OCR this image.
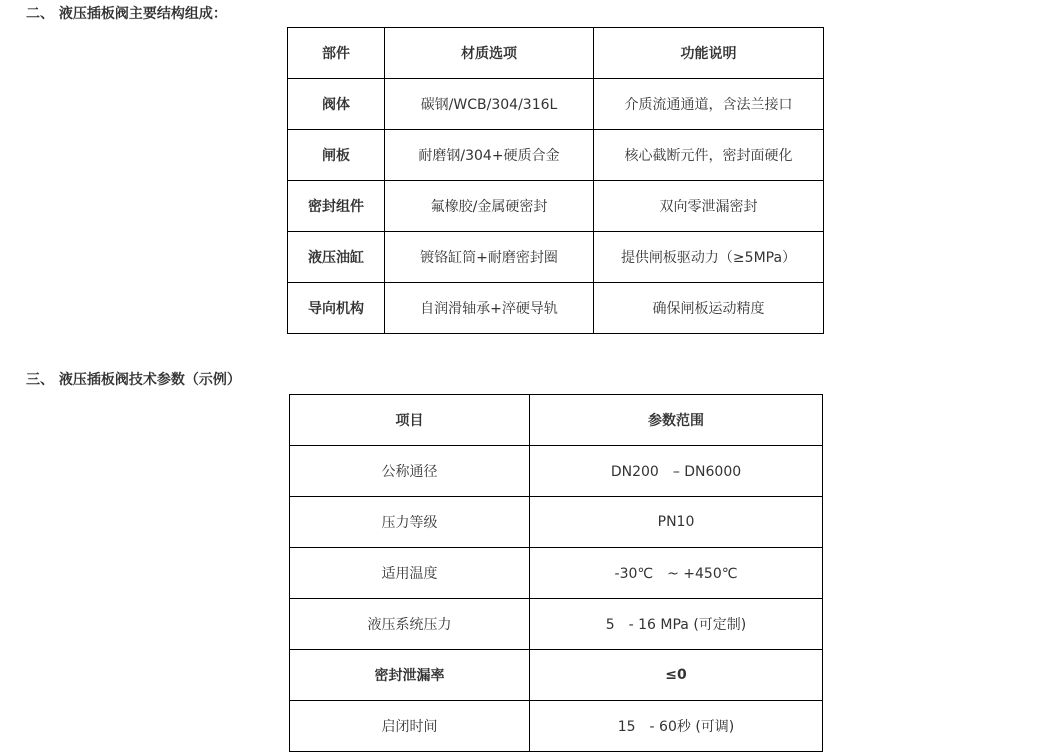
二、 液压插板阀主要结构组成：
部件	材质选项	功能说明
阀体	碳钢/WCB/304/316L	介质流通通道，含法兰接口
闸板	耐磨钢/304+硬质合金	核心截断元件，密封面硬化
密封组件	氟橡胶/金属硬密封	双向零泄漏密封
液压油缸	镀铬缸筒+耐磨密封圈	提供闸板驱动力（≥5MPa）
导向机构	自润滑轴承+淬硬导轨	确保闸板运动精度
三、 液压插板阀技术参数（示例）
项目	参数范围
公称通径	DN200　– DN6000
压力等级	PN10
适用温度	-30℃　~ +450℃
液压系统压力	5　- 16 MPa (可定制)
密封泄漏率	≤0
启闭时间	15　- 60秒 (可调)
